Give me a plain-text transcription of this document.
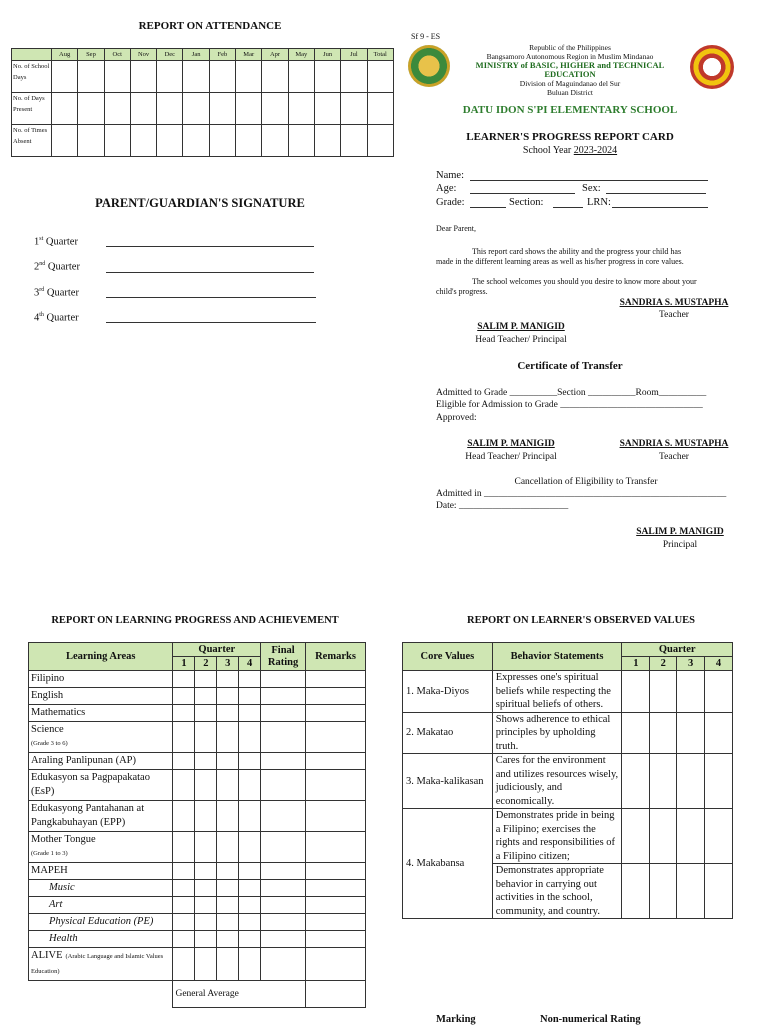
REPORT ON ATTENDANCE
	Aug	Sep	Oct	Nov	Dec	Jan	Feb	Mar	Apr	May	Jun	Jul	Total
No. of School Days													
No. of Days Present													
No. of Times Absent													
PARENT/GUARDIAN'S SIGNATURE
1st Quarter
2nd Quarter
3rd Quarter
4th Quarter
Sf 9 - ES
Republic of the Philippines
Bangsamoro Autonomous Region in Muslim Mindanao
MINISTRY of BASIC, HIGHER and TECHNICAL EDUCATION
Division of Maguindanao del Sur
Buluan District
DATU IDON S'PI ELEMENTARY SCHOOL
LEARNER'S PROGRESS REPORT CARD
School Year 2023-2024
Name:
Age:	Sex:
Grade:	Section:	LRN:
Dear Parent,
This report card shows the ability and the progress your child has
made in the different learning areas as well as his/her progress in core values.
The school welcomes you should you desire to know more about your
child's progress.
SANDRIA S. MUSTAPHA
Teacher
SALIM P. MANIGID
Head Teacher/ Principal
Certificate of Transfer
Admitted to Grade __________Section __________Room__________
Eligible for Admission to Grade ______________________________
Approved:
SALIM P. MANIGID
Head Teacher/ Principal
SANDRIA S. MUSTAPHA
Teacher
Cancellation of Eligibility to Transfer
Admitted in ___________________________________________________
Date: _______________________
SALIM P. MANIGID
Principal
REPORT ON LEARNING PROGRESS AND ACHIEVEMENT
Learning Areas	Quarter				Final Rating	Remarks
	1	2	3	4		
Filipino						
English						
Mathematics						
Science
(Grade 3 to 6)						

Araling Panlipunan (AP)						
Edukasyon sa Pagpapakatao (EsP)						
Edukasyong Pantahanan at Pangkabuhayan (EPP)						
Mother Tongue
(Grade 1 to 3)						

MAPEH						
Music						
Art						
Physical Education (PE)						
Health						
ALIVE (Arabic Language and Islamic Values Education)						
	General Average					
REPORT ON LEARNER'S OBSERVED VALUES
Core Values	Behavior Statements	Quarter			
		1	2	3	4
1. Maka-Diyos	Expresses one's spiritual beliefs while respecting the spiritual beliefs of others.				
2. Makatao	Shows adherence to ethical principles by upholding truth.				
3. Maka-kalikasan	Cares for the environment and utilizes resources wisely, judiciously, and economically.				
4. Makabansa	Demonstrates pride in being a Filipino; exercises the rights and responsibilities of a Filipino citizen;				
	Demonstrates appropriate behavior in carrying out activities in the school, community, and country.				
Marking	Non-numerical Rating
